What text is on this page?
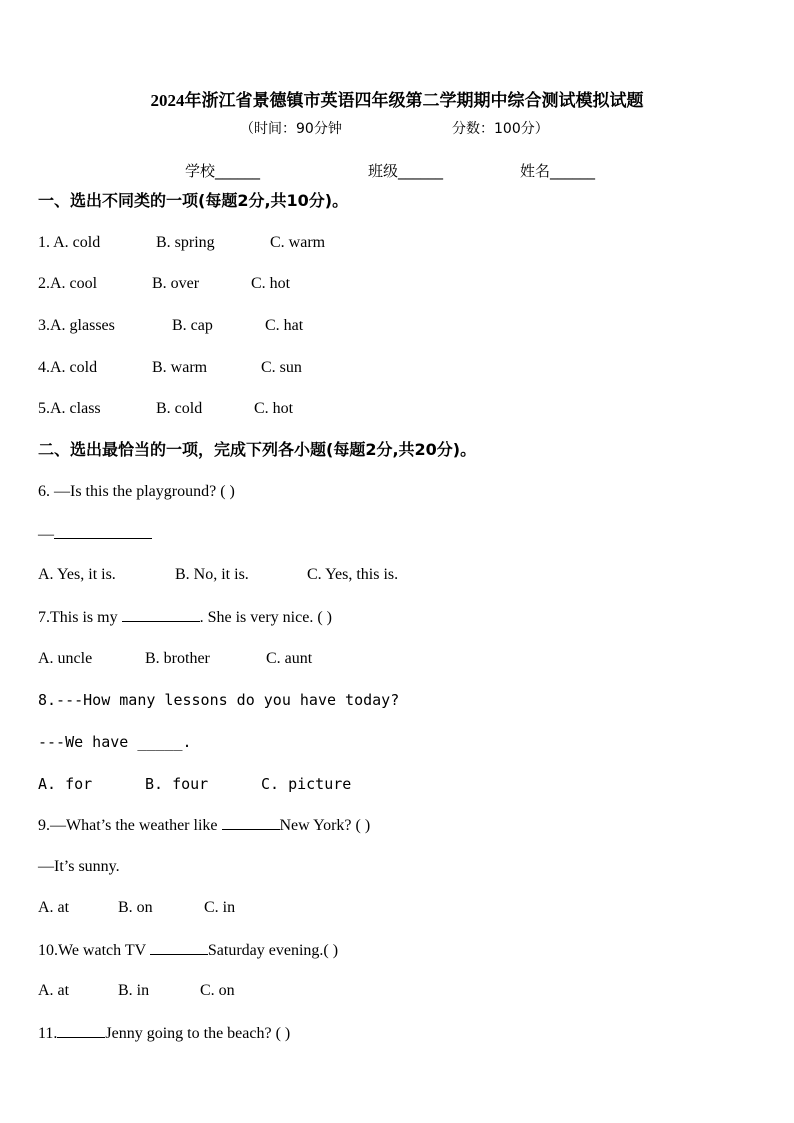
2024年浙江省景德镇市英语四年级第二学期期中综合测试模拟试题
（时间：90分钟	分数：100分）
学校______	班级______	姓名______
一、选出不同类的一项(每题2分,共10分)。
1. A. cold	B. spring	C. warm
2.A. cool	B. over	C. hot
3.A. glasses	B. cap	C. hat
4.A. cold	B. warm	C. sun
5.A. class	B. cold	C. hot
二、选出最恰当的一项，完成下列各小题(每题2分,共20分)。
6. —Is this the playground? ( )
—
A. Yes, it is.	B. No, it is.	C. Yes, this is.
7.This is my	. She is very nice. ( )
A. uncle	B. brother	C. aunt
8.---How many lessons do you have today?
---We have _____.
A. for	B. four	C. picture
9.—What’s the weather like	New York? ( )
—It’s sunny.
A. at	B. on	C. in
10.We watch TV	Saturday evening.( )
A. at	B. in	C. on
11.	Jenny going to the beach? ( )
